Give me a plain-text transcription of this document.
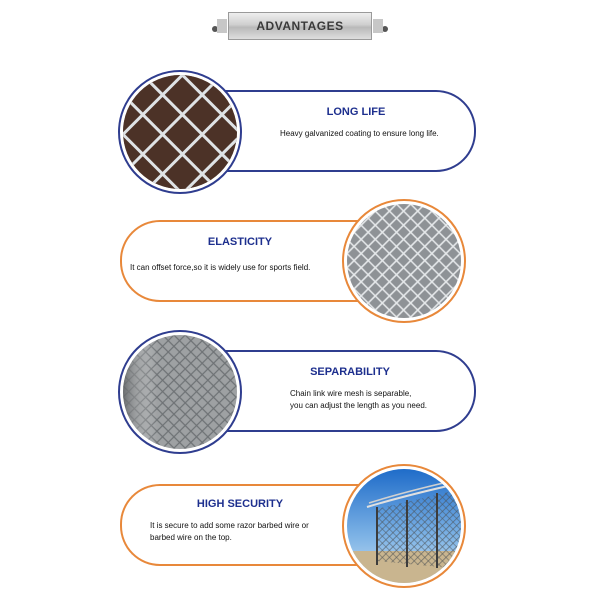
ADVANTAGES
LONG LIFE
Heavy galvanized coating to ensure long life.
ELASTICITY
It can offset force,so it is widely use for sports field.
SEPARABILITY
Chain link wire mesh is separable,
you can adjust the length as you need.
HIGH SECURITY
It is secure to add some razor barbed wire or
barbed wire on the top.
